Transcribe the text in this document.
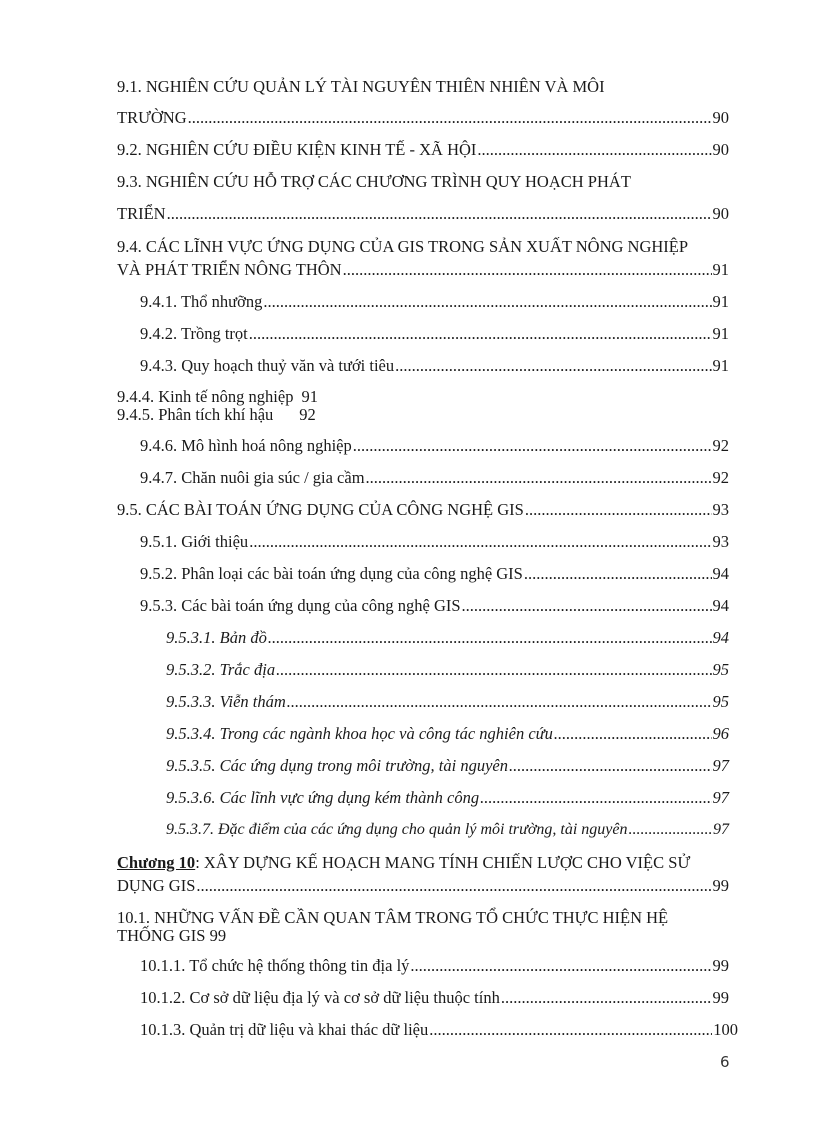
9.1. NGHIÊN CỨU QUẢN LÝ TÀI NGUYÊN THIÊN NHIÊN VÀ MÔI
TRƯỜNG .....	90
9.2. NGHIÊN CỨU ĐIỀU KIỆN KINH TẾ - XÃ HỘI .....	90
9.3. NGHIÊN CỨU HỖ TRỢ CÁC CHƯƠNG TRÌNH QUY HOẠCH PHÁT
TRIỂN .....	90
9.4. CÁC LĨNH VỰC ỨNG DỤNG CỦA GIS TRONG SẢN XUẤT NÔNG NGHIỆP
VÀ PHÁT TRIỂN NÔNG THÔN .....	91
9.4.1. Thổ nhưỡng .....	91
9.4.2. Trồng trọt .....	91
9.4.3. Quy hoạch thuỷ văn và tưới tiêu .....	91
9.4.4. Kinh tế nông nghiệp 91
9.4.5. Phân tích khí hậu 92
9.4.6. Mô hình hoá nông nghiệp .....	92
9.4.7. Chăn nuôi gia súc / gia cầm .....	92
9.5. CÁC BÀI TOÁN ỨNG DỤNG CỦA CÔNG NGHỆ GIS .....	93
9.5.1. Giới thiệu .....	93
9.5.2. Phân loại các bài toán ứng dụng của công nghệ GIS .....	94
9.5.3. Các bài toán ứng dụng của công nghệ GIS .....	94
9.5.3.1. Bản đồ .....	94
9.5.3.2. Trắc địa .....	95
9.5.3.3. Viễn thám .....	95
9.5.3.4. Trong các ngành khoa học và công tác nghiên cứu .....	96
9.5.3.5. Các ứng dụng trong môi trường, tài nguyên .....	97
9.5.3.6. Các lĩnh vực ứng dụng kém thành công .....	97
9.5.3.7. Đặc điểm của các ứng dụng cho quản lý môi trường, tài nguyên .....	97
Chương 10: XÂY DỰNG KẾ HOẠCH MANG TÍNH CHIẾN LƯỢC CHO VIỆC SỬ
DỤNG GIS .....	99
10.1. NHỮNG VẤN ĐỀ CẦN QUAN TÂM TRONG TỔ CHỨC THỰC HIỆN HỆ
THỐNG GIS 99
10.1.1. Tổ chức hệ thống thông tin địa lý .....	99
10.1.2. Cơ sở dữ liệu địa lý và cơ sở dữ liệu thuộc tính .....	99
10.1.3. Quản trị dữ liệu và khai thác dữ liệu .....	100
6
